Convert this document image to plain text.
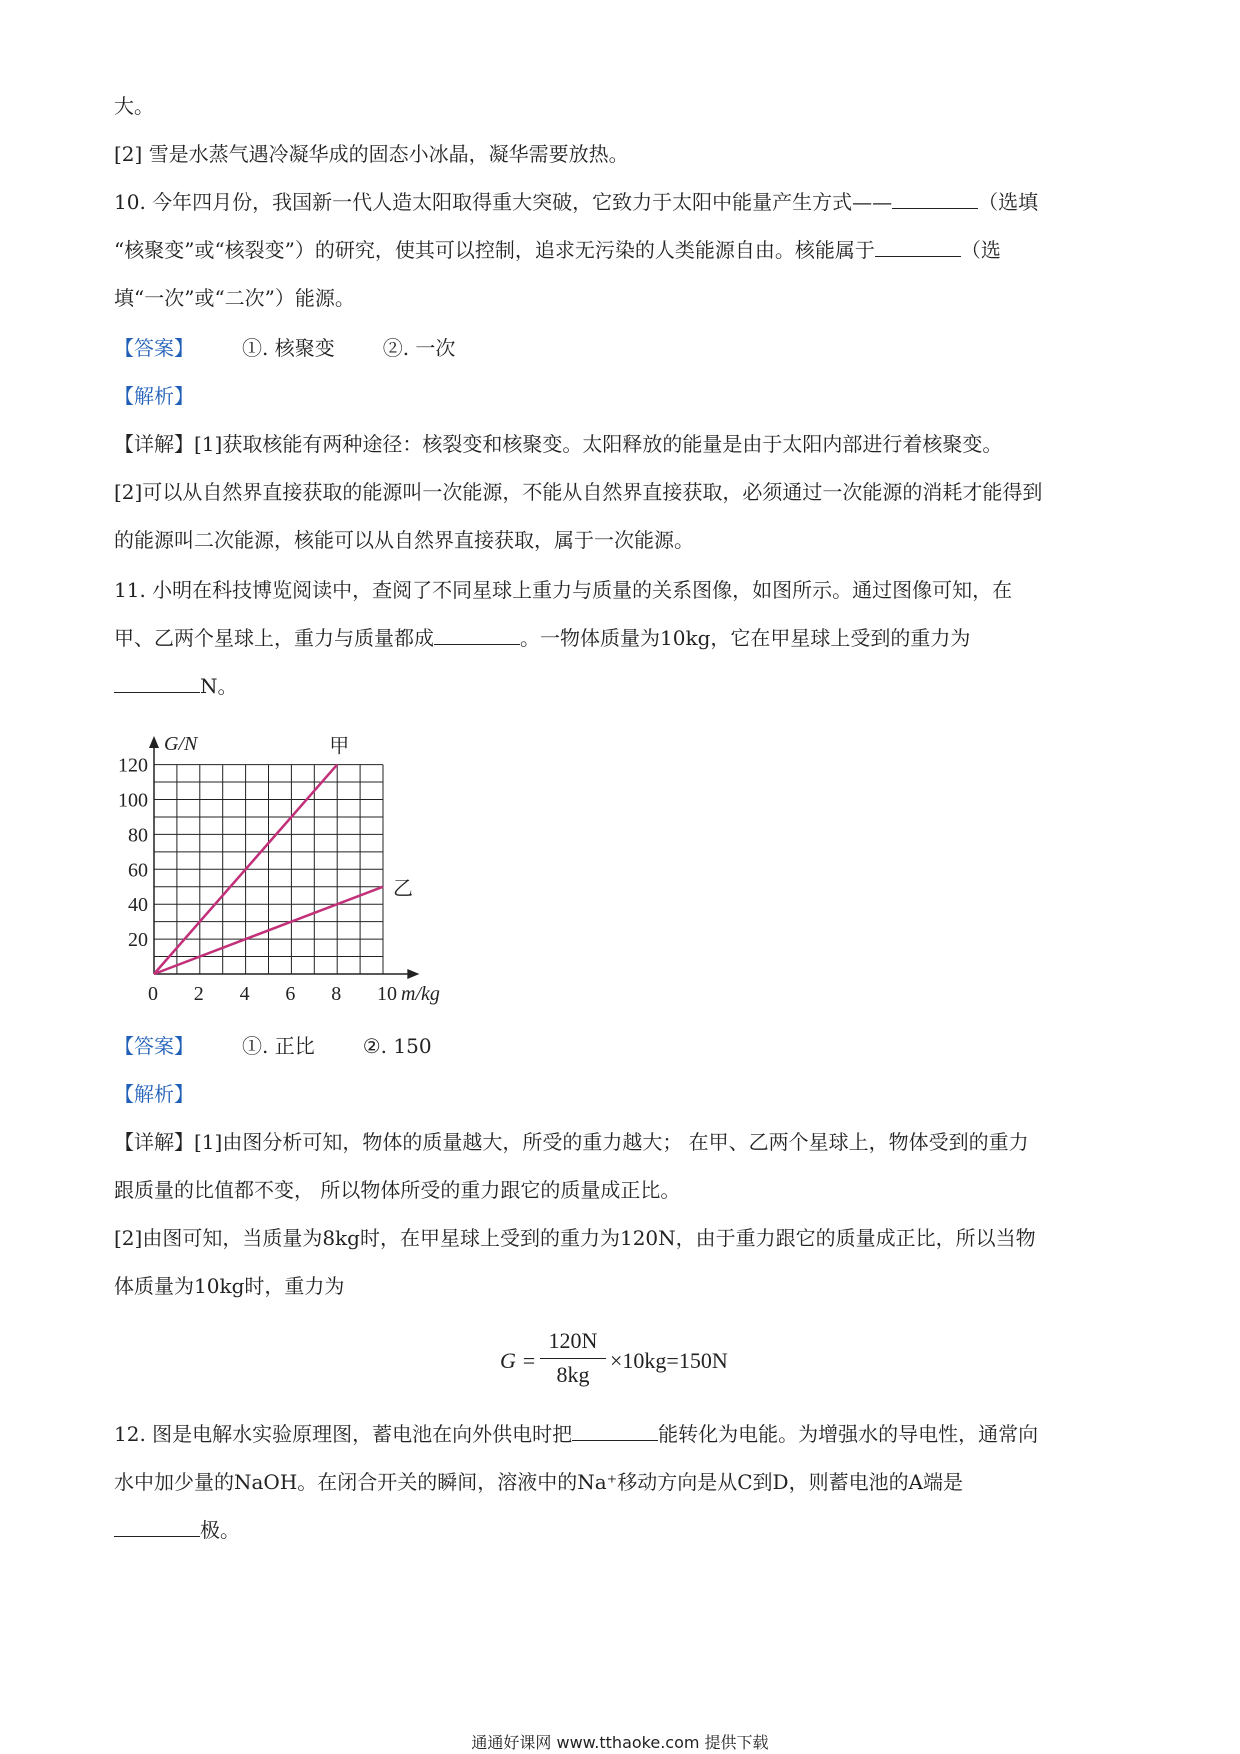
大。
[2] 雪是水蒸气遇冷凝华成的固态小冰晶，凝华需要放热。
10. 今年四月份，我国新一代人造太阳取得重大突破，它致力于太阳中能量产生方式——	（选填
“核聚变”或“核裂变”）的研究，使其可以控制，追求无污染的人类能源自由。核能属于	（选
填“一次”或“二次”）能源。
【答案】 ①. 核聚变 ②. 一次
【解析】
【详解】[1]获取核能有两种途径：核裂变和核聚变。太阳释放的能量是由于太阳内部进行着核聚变。
[2]可以从自然界直接获取的能源叫一次能源，不能从自然界直接获取，必须通过一次能源的消耗才能得到
的能源叫二次能源，核能可以从自然界直接获取，属于一次能源。
11. 小明在科技博览阅读中，查阅了不同星球上重力与质量的关系图像，如图所示。通过图像可知，在
甲、乙两个星球上，重力与质量都成	。一物体质量为10kg，它在甲星球上受到的重力为
N。
甲
乙
0 2 4 6 8 10
20
40
60
80
100
120
G/N
m/kg
【答案】 ①. 正比 ②. 150
【解析】
【详解】[1]由图分析可知，物体的质量越大，所受的重力越大； 在甲、乙两个星球上，物体受到的重力
跟质量的比值都不变， 所以物体所受的重力跟它的质量成正比。
[2]由图可知，当质量为8kg时，在甲星球上受到的重力为120N，由于重力跟它的质量成正比，所以当物
体质量为10kg时，重力为
G =
120N
8kg
×10kg=150N
12. 图是电解水实验原理图，蓄电池在向外供电时把	能转化为电能。为增强水的导电性，通常向
水中加少量的NaOH。在闭合开关的瞬间，溶液中的Na⁺移动方向是从C到D，则蓄电池的A端是
极。
通通好课网 www.tthaoke.com 提供下载
